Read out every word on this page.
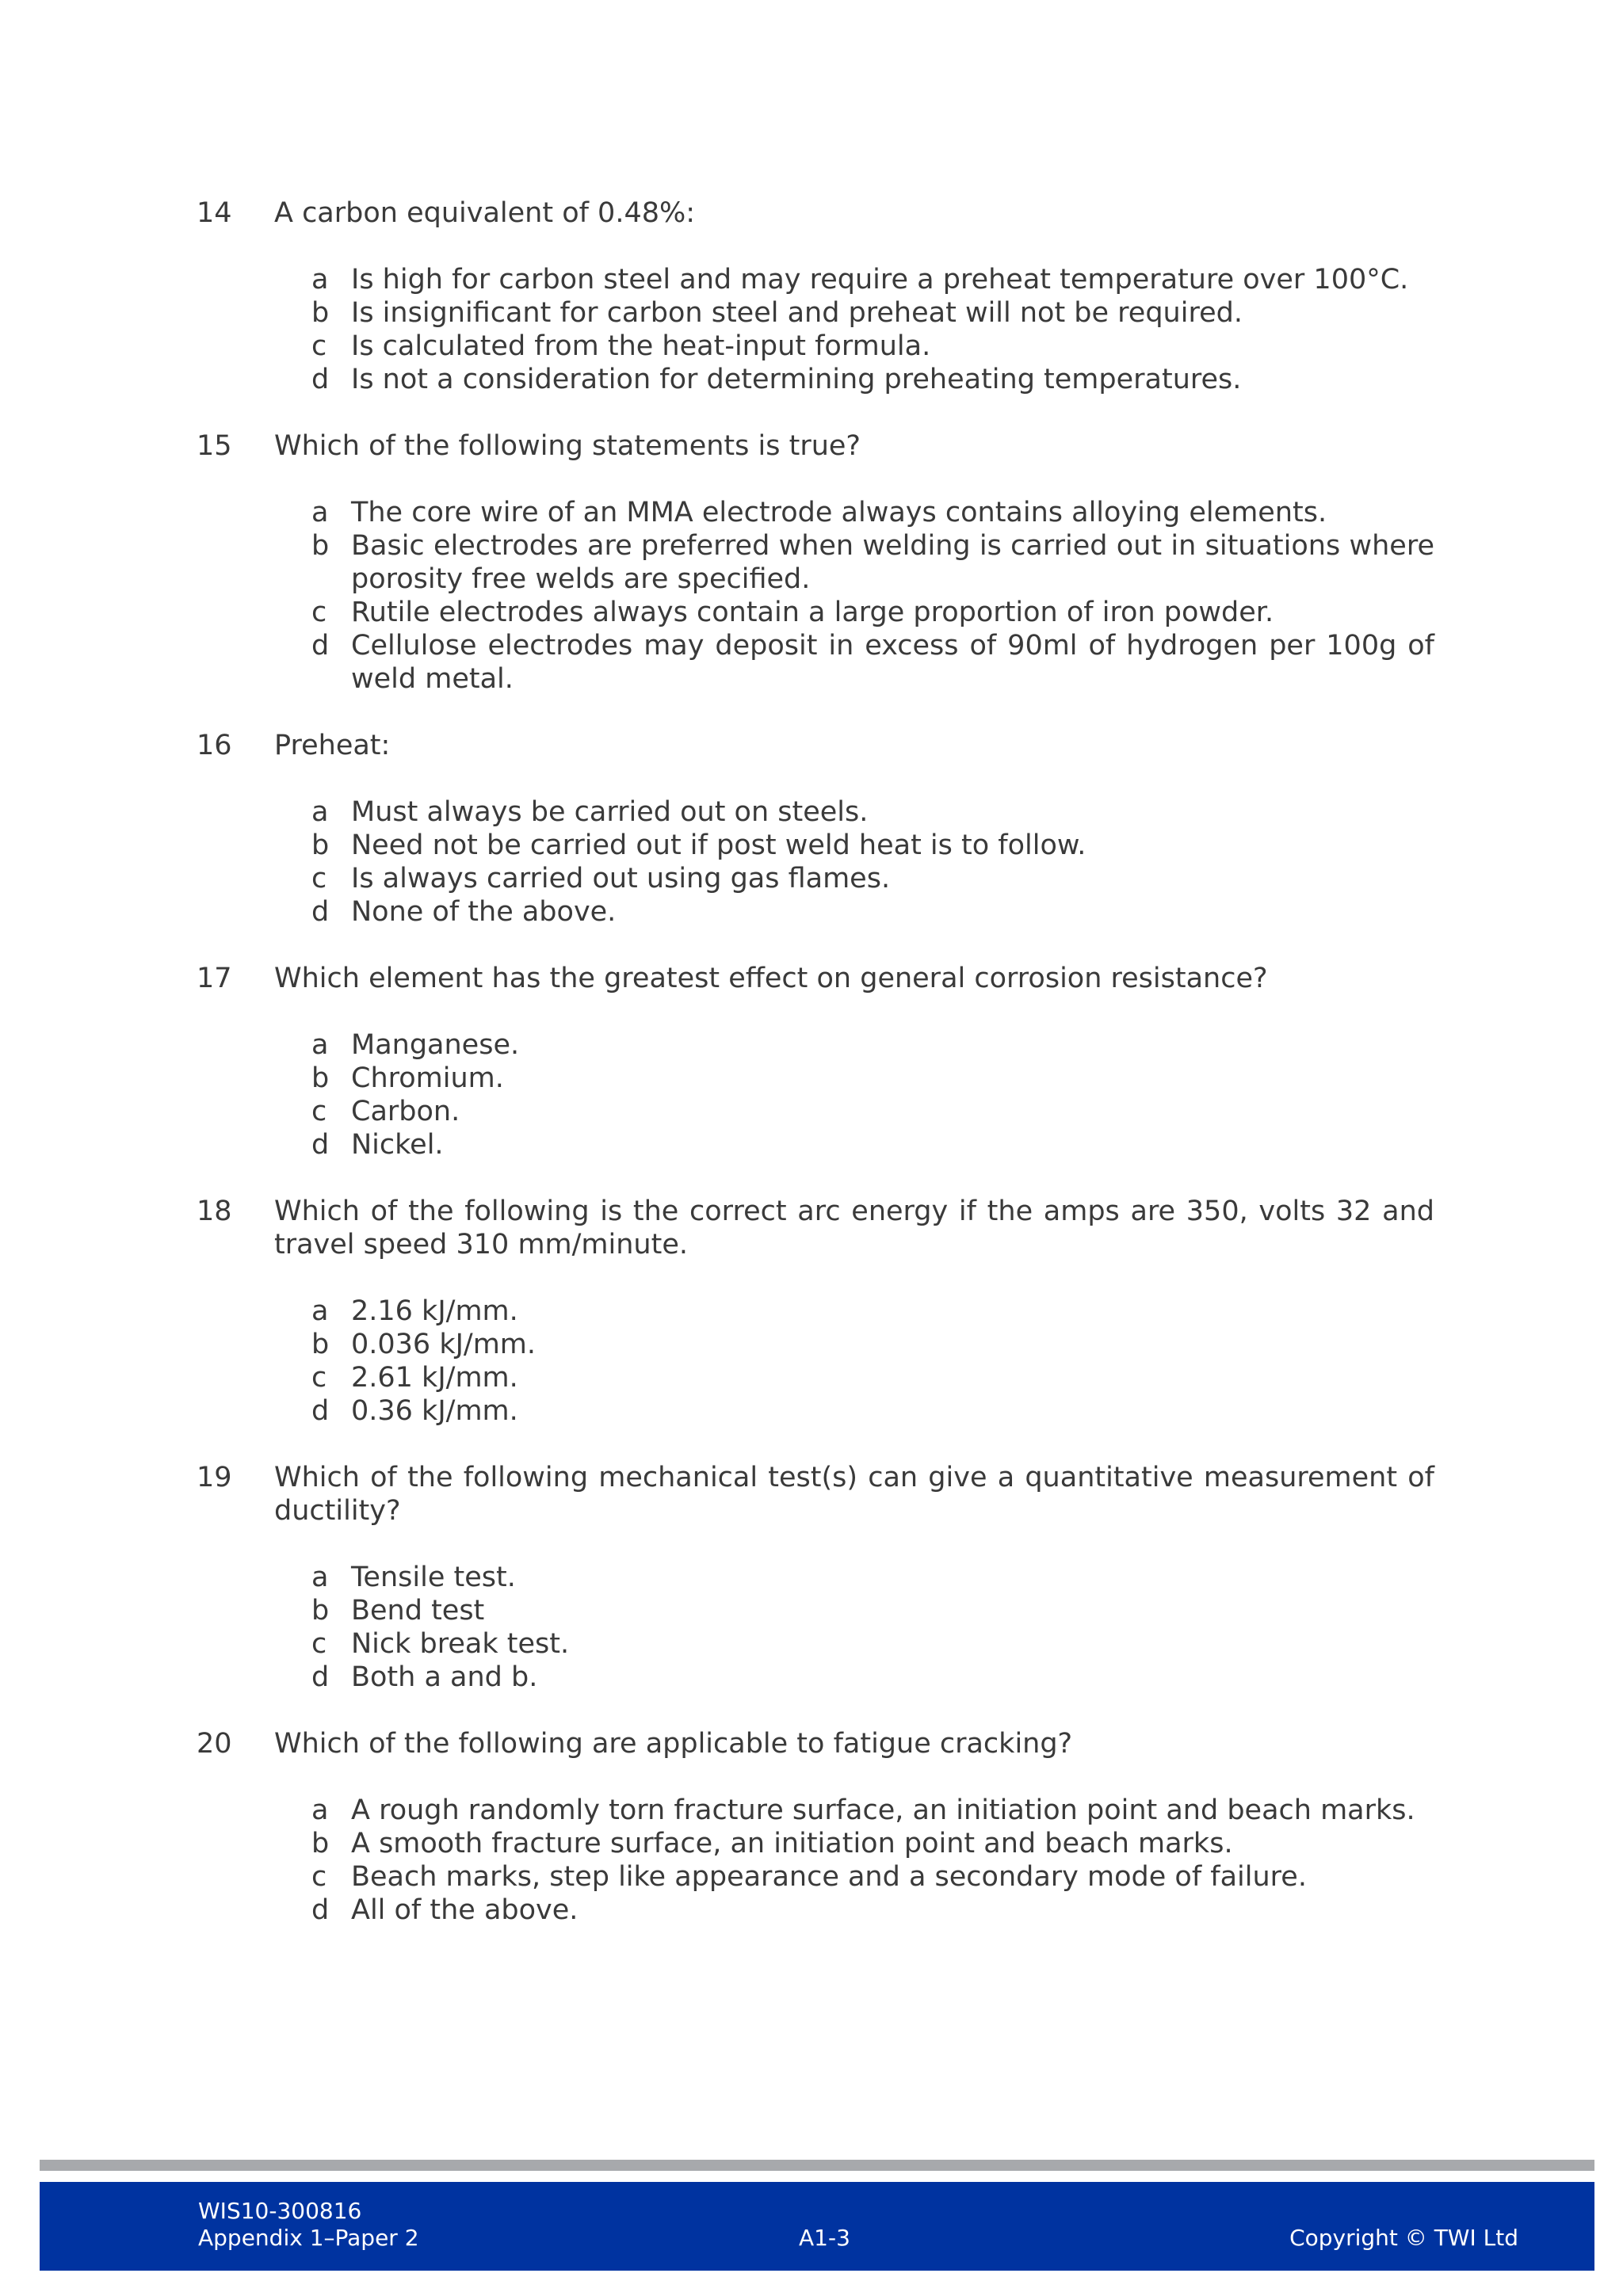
14	A carbon equivalent of 0.48%:
a Is high for carbon steel and may require a preheat temperature over 100°C.
b Is insignificant for carbon steel and preheat will not be required.
c Is calculated from the heat-input formula.
d Is not a consideration for determining preheating temperatures.
15	Which of the following statements is true?
a The core wire of an MMA electrode always contains alloying elements.
b Basic electrodes are preferred when welding is carried out in situations where porosity free welds are specified.
c Rutile electrodes always contain a large proportion of iron powder.
d Cellulose electrodes may deposit in excess of 90ml of hydrogen per 100g of weld metal.
16	Preheat:
a Must always be carried out on steels.
b Need not be carried out if post weld heat is to follow.
c Is always carried out using gas flames.
d None of the above.
17	Which element has the greatest effect on general corrosion resistance?
a Manganese.
b Chromium.
c Carbon.
d Nickel.
18	Which of the following is the correct arc energy if the amps are 350, volts 32 and travel speed 310 mm/minute.
a 2.16 kJ/mm.
b 0.036 kJ/mm.
c 2.61 kJ/mm.
d 0.36 kJ/mm.
19	Which of the following mechanical test(s) can give a quantitative measurement of ductility?
a Tensile test.
b Bend test
c Nick break test.
d Both a and b.
20	Which of the following are applicable to fatigue cracking?
a A rough randomly torn fracture surface, an initiation point and beach marks.
b A smooth fracture surface, an initiation point and beach marks.
c Beach marks, step like appearance and a secondary mode of failure.
d All of the above.
WIS10-300816
Appendix 1–Paper 2	A1-3	Copyright © TWI Ltd
